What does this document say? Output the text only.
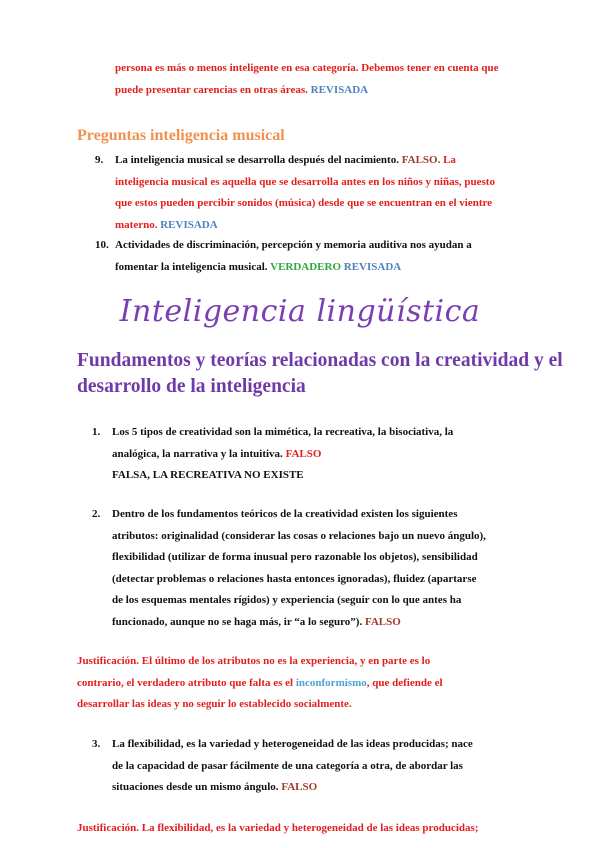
persona es más o menos inteligente en esa categoría. Debemos tener en cuenta que
puede presentar carencias en otras áreas. REVISADA
Preguntas inteligencia musical
9. La inteligencia musical se desarrolla después del nacimiento. FALSO. La
inteligencia musical es aquella que se desarrolla antes en los niños y niñas, puesto
que estos pueden percibir sonidos (música) desde que se encuentran en el vientre
materno. REVISADA
10. Actividades de discriminación, percepción y memoria auditiva nos ayudan a
fomentar la inteligencia musical. VERDADERO REVISADA
Inteligencia lingüística
Fundamentos y teorías relacionadas con la creatividad y el desarrollo de la inteligencia
1. Los 5 tipos de creatividad son la mimética, la recreativa, la bisociativa, la
analógica, la narrativa y la intuitiva. FALSO
FALSA, LA RECREATIVA NO EXISTE
2. Dentro de los fundamentos teóricos de la creatividad existen los siguientes
atributos: originalidad (considerar las cosas o relaciones bajo un nuevo ángulo),
flexibilidad (utilizar de forma inusual pero razonable los objetos), sensibilidad
(detectar problemas o relaciones hasta entonces ignoradas), fluidez (apartarse
de los esquemas mentales rígidos) y experiencia (seguir con lo que antes ha
funcionado, aunque no se haga más, ir “a lo seguro”). FALSO
Justificación. El último de los atributos no es la experiencia, y en parte es lo
contrario, el verdadero atributo que falta es el inconformismo, que defiende el
desarrollar las ideas y no seguir lo establecido socialmente.
3. La flexibilidad, es la variedad y heterogeneidad de las ideas producidas; nace
de la capacidad de pasar fácilmente de una categoría a otra, de abordar las
situaciones desde un mismo ángulo. FALSO
Justificación. La flexibilidad, es la variedad y heterogeneidad de las ideas producidas;
